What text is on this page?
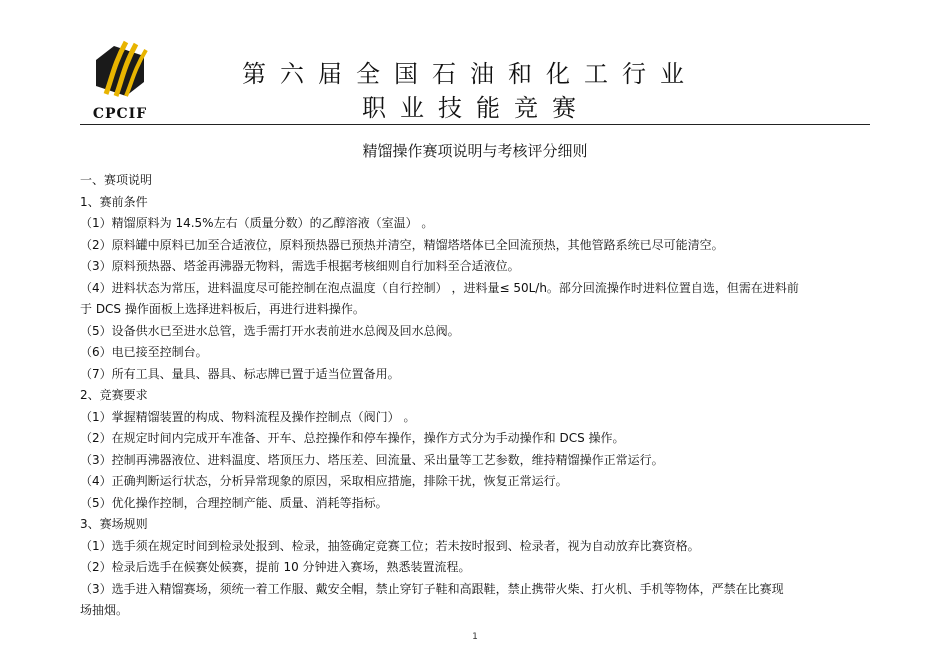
CPCIF
第六届全国石油和化工行业
职业技能竞赛
精馏操作赛项说明与考核评分细则
一、赛项说明
1、赛前条件
（1）精馏原料为 14.5%左右（质量分数）的乙醇溶液（室温） 。
（2）原料罐中原料已加至合适液位，原料预热器已预热并清空，精馏塔塔体已全回流预热，其他管路系统已尽可能清空。
（3）原料预热器、塔釜再沸器无物料，需选手根据考核细则自行加料至合适液位。
（4）进料状态为常压，进料温度尽可能控制在泡点温度（自行控制） ，进料量≤ 50L/h。部分回流操作时进料位置自选，但需在进料前
于 DCS 操作面板上选择进料板后，再进行进料操作。
（5）设备供水已至进水总管，选手需打开水表前进水总阀及回水总阀。
（6）电已接至控制台。
（7）所有工具、量具、器具、标志牌已置于适当位置备用。
2、竞赛要求
（1）掌握精馏装置的构成、物料流程及操作控制点（阀门） 。
（2）在规定时间内完成开车准备、开车、总控操作和停车操作，操作方式分为手动操作和 DCS 操作。
（3）控制再沸器液位、进料温度、塔顶压力、塔压差、回流量、采出量等工艺参数，维持精馏操作正常运行。
（4）正确判断运行状态，分析异常现象的原因，采取相应措施，排除干扰，恢复正常运行。
（5）优化操作控制，合理控制产能、质量、消耗等指标。
3、赛场规则
（1）选手须在规定时间到检录处报到、检录，抽签确定竞赛工位；若未按时报到、检录者，视为自动放弃比赛资格。
（2）检录后选手在候赛处候赛，提前 10 分钟进入赛场，熟悉装置流程。
（3）选手进入精馏赛场，须统一着工作服、戴安全帽，禁止穿钉子鞋和高跟鞋，禁止携带火柴、打火机、手机等物体，严禁在比赛现
场抽烟。
1
